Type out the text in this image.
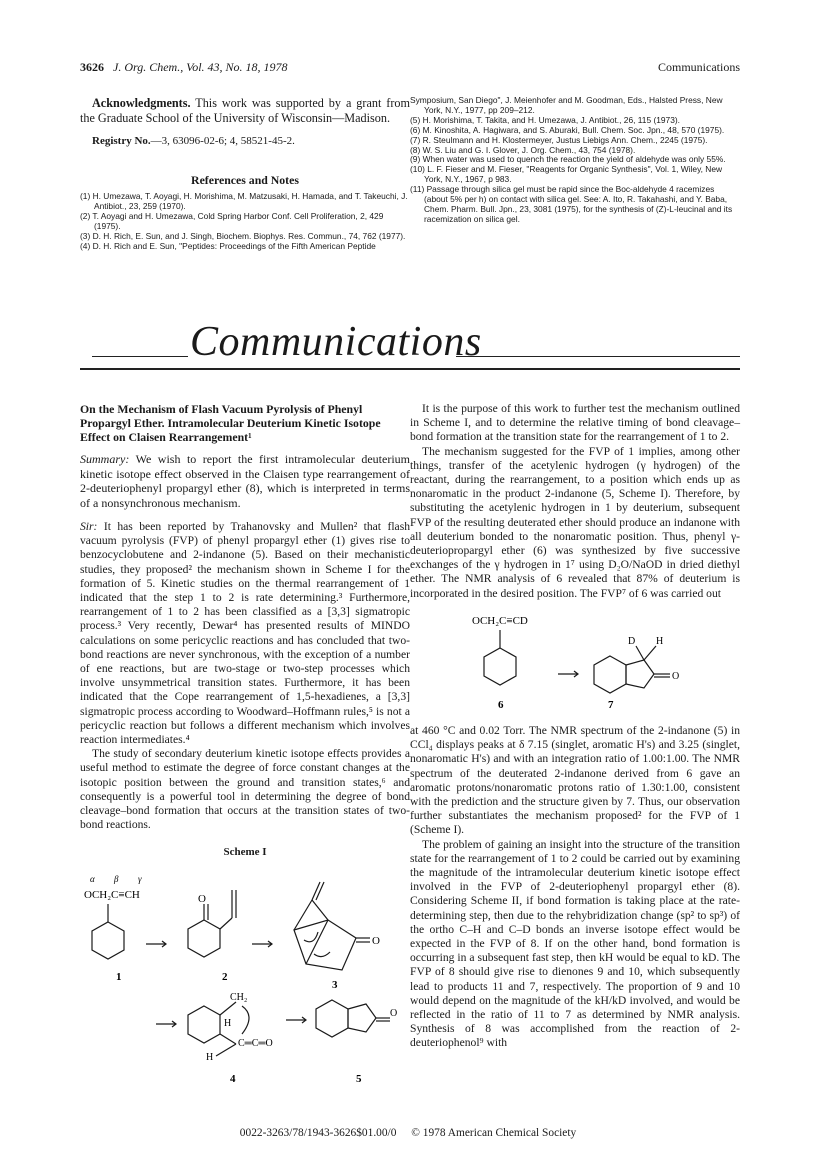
3626 J. Org. Chem., Vol. 43, No. 18, 1978	Communications

Acknowledgments. This work was supported by a grant from the Graduate School of the University of Wisconsin—Madison.

Registry No.—3, 63096-02-6; 4, 58521-45-2.

References and Notes

(1) H. Umezawa, T. Aoyagi, H. Morishima, M. Matzusaki, H. Hamada, and T. Takeuchi, J. Antibiot., 23, 259 (1970).

(2) T. Aoyagi and H. Umezawa, Cold Spring Harbor Conf. Cell Proliferation, 2, 429 (1975).

(3) D. H. Rich, E. Sun, and J. Singh, Biochem. Biophys. Res. Commun., 74, 762 (1977).

(4) D. H. Rich and E. Sun, "Peptides: Proceedings of the Fifth American Peptide

Symposium, San Diego", J. Meienhofer and M. Goodman, Eds., Halsted Press, New York, N.Y., 1977, pp 209–212.

(5) H. Morishima, T. Takita, and H. Umezawa, J. Antibiot., 26, 115 (1973).

(6) M. Kinoshita, A. Hagiwara, and S. Aburaki, Bull. Chem. Soc. Jpn., 48, 570 (1975).

(7) R. Steulmann and H. Klostermeyer, Justus Liebigs Ann. Chem., 2245 (1975).

(8) W. S. Liu and G. I. Glover, J. Org. Chem., 43, 754 (1978).

(9) When water was used to quench the reaction the yield of aldehyde was only 55%.

(10) L. F. Fieser and M. Fieser, "Reagents for Organic Synthesis", Vol. 1, Wiley, New York, N.Y., 1967, p 983.

(11) Passage through silica gel must be rapid since the Boc-aldehyde 4 racemizes (about 5% per h) on contact with silica gel. See: A. Ito, R. Takahashi, and Y. Baba, Chem. Pharm. Bull. Jpn., 23, 3081 (1975), for the synthesis of (Z)-L-leucinal and its racemization on silica gel.

Communications

On the Mechanism of Flash Vacuum Pyrolysis of Phenyl Propargyl Ether. Intramolecular Deuterium Kinetic Isotope Effect on Claisen Rearrangement¹

Summary: We wish to report the first intramolecular deuterium kinetic isotope effect observed in the Claisen type rearrangement of 2-deuteriophenyl propargyl ether (8), which is interpreted in terms of a nonsynchronous mechanism.

Sir: It has been reported by Trahanovsky and Mullen² that flash vacuum pyrolysis (FVP) of phenyl propargyl ether (1) gives rise to benzocyclobutene and 2-indanone (5). Based on their mechanistic studies, they proposed² the mechanism shown in Scheme I for the formation of 5. Kinetic studies on the thermal rearrangement of 1 indicated that the step 1 to 2 is rate determining.³ Furthermore, rearrangement of 1 to 2 has been classified as a [3,3] sigmatropic process.³ Very recently, Dewar⁴ has presented results of MINDO calculations on some pericyclic reactions and has concluded that two-bond reactions are never synchronous, with the exception of a number of ene reactions, but are two-stage or two-step processes which involve unsymmetrical transition states. Furthermore, it has been indicated that the Cope rearrangement of 1,5-hexadienes, a [3,3] sigmatropic process according to Woodward–Hoffmann rules,⁵ is not a pericyclic reaction but follows a different mechanism which involves reaction intermediates.⁴

The study of secondary deuterium kinetic isotope effects provides a useful method to estimate the degree of force constant changes at the isotopic position between the ground and transition states,⁶ and consequently is a powerful tool in determining the degree of bond cleavage–bond formation that occurs at the transition states of two-bond reactions.

Scheme I
α β γ
OCH₂C≡CH	O
O
CH₂
H
C═C═O
H
O
1	2
3
4	5

It is the purpose of this work to further test the mechanism outlined in Scheme I, and to determine the relative timing of bond cleavage–bond formation at the transition state for the rearrangement of 1 to 2.

The mechanism suggested for the FVP of 1 implies, among other things, transfer of the acetylenic hydrogen (γ hydrogen) of the reactant, during the rearrangement, to a position which ends up as nonaromatic in the product 2-indanone (5, Scheme I). Therefore, by substituting the acetylenic hydrogen in 1 by deuterium, subsequent FVP of the resulting deuterated ether should produce an indanone with all deuterium bonded to the nonaromatic position. Thus, phenyl γ-deuteriopropargyl ether (6) was synthesized by five successive exchanges of the γ hydrogen in 1⁷ using D₂O/NaOD in dried diethyl ether. The NMR analysis of 6 revealed that 87% of deuterium is incorporated in the desired position. The FVP⁷ of 6 was carried out

OCH₂C≡CD
D H
O
6	7

at 460 °C and 0.02 Torr. The NMR spectrum of the 2-indanone (5) in CCl₄ displays peaks at δ 7.15 (singlet, aromatic H's) and 3.25 (singlet, nonaromatic H's) and with an integration ratio of 1.00:1.00. The NMR spectrum of the deuterated 2-indanone derived from 6 gave an aromatic protons/nonaromatic protons ratio of 1.30:1.00, consistent with the prediction and the structure given by 7. Thus, our observation further substantiates the mechanism proposed² for the FVP of 1 (Scheme I).

The problem of gaining an insight into the structure of the transition state for the rearrangement of 1 to 2 could be carried out by examining the magnitude of the intramolecular deuterium kinetic isotope effect involved in the FVP of 2-deuteriophenyl propargyl ether (8). Considering Scheme II, if bond formation is taking place at the rate-determining step, then due to the rehybridization change (sp² to sp³) of the ortho C–H and C–D bonds an inverse isotope effect would be expected in the FVP of 8. If on the other hand, bond formation is occurring in a subsequent fast step, then kH would be equal to kD. The FVP of 8 should give rise to dienones 9 and 10, which subsequently lead to products 11 and 7, respectively. The proportion of 9 and 10 would depend on the magnitude of the kH/kD involved, and would be reflected in the ratio of 11 to 7 as determined by NMR analysis. Synthesis of 8 was accomplished from the reaction of 2-deuteriophenol⁹ with

0022-3263/78/1943-3626$01.00/0 © 1978 American Chemical Society
